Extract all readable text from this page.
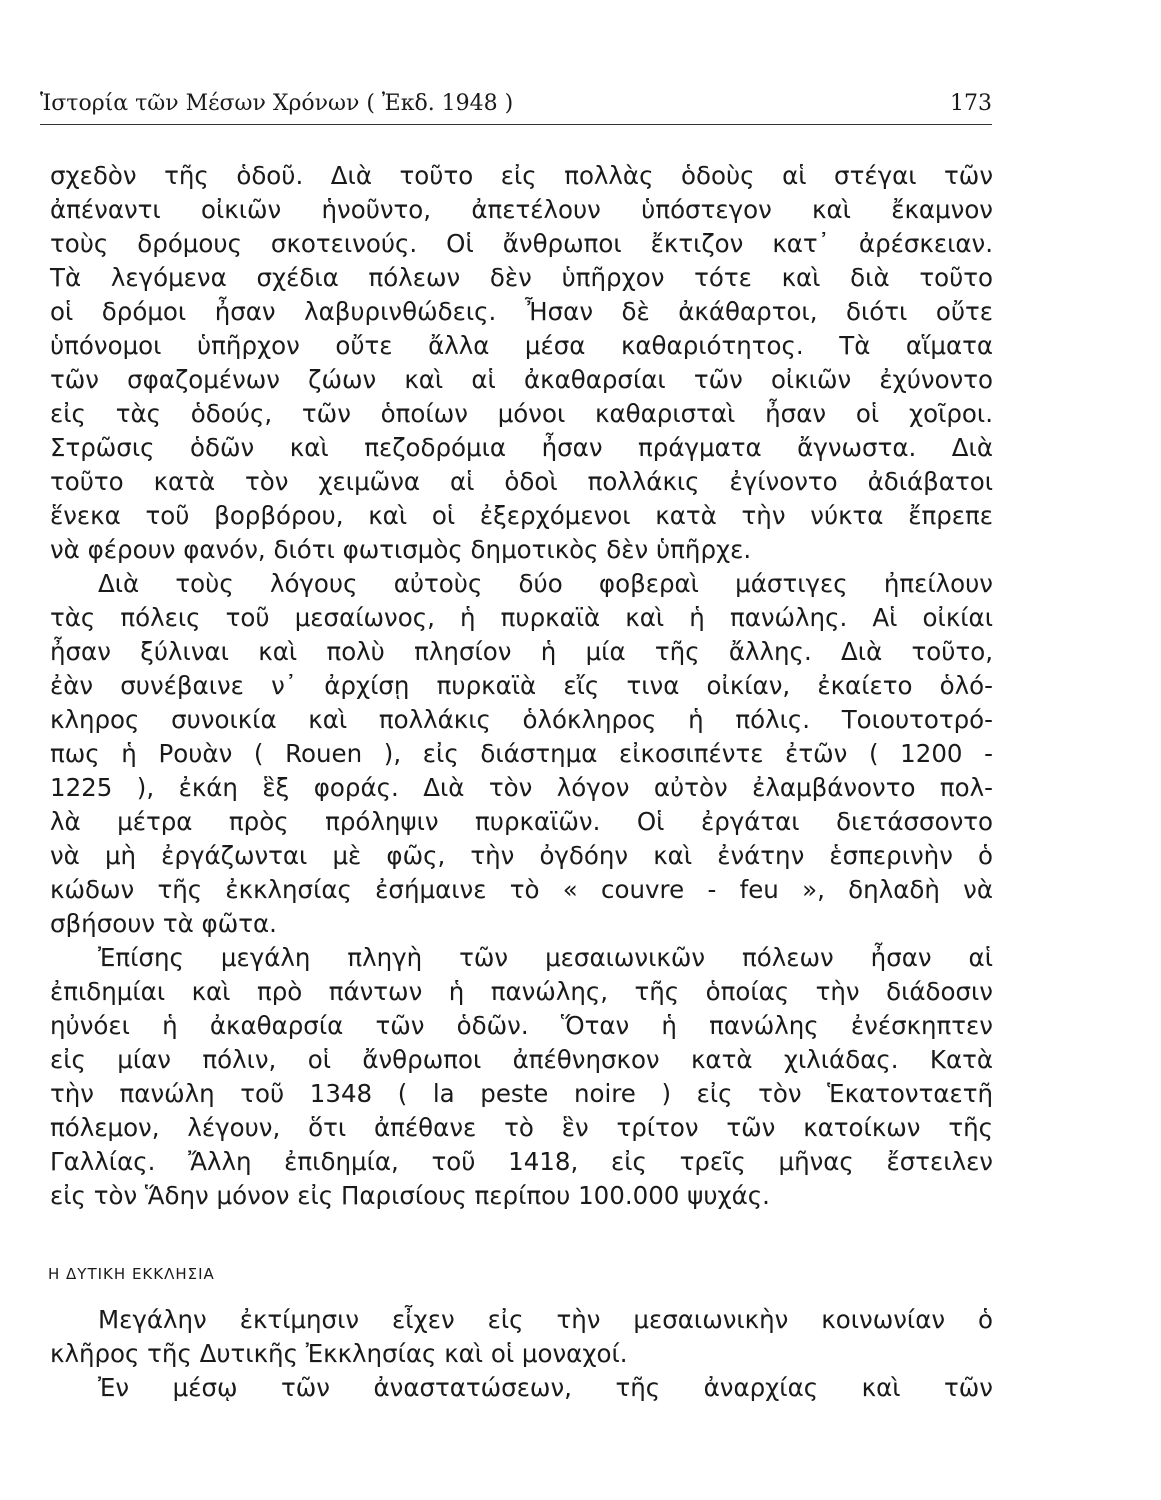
Ἱστορία τῶν Μέσων Χρόνων ( Ἐκδ. 1948 )	173
σχεδὸν τῆς ὁδοῦ. Διὰ τοῦτο εἰς πολλὰς ὁδοὺς αἱ στέγαι τῶν
ἀπέναντι οἰκιῶν ἡνοῦντο, ἀπετέλουν ὑπόστεγον καὶ ἔκαμνον
τοὺς δρόμους σκοτεινούς. Οἱ ἄνθρωποι ἔκτιζον κατ᾽ ἀρέσκειαν.
Τὰ λεγόμενα σχέδια πόλεων δὲν ὑπῆρχον τότε καὶ διὰ τοῦτο
οἱ δρόμοι ἦσαν λαβυρινθώδεις. Ἦσαν δὲ ἀκάθαρτοι, διότι οὔτε
ὑπόνομοι ὑπῆρχον οὔτε ἄλλα μέσα καθαριότητος. Τὰ αἵματα
τῶν σφαζομένων ζώων καὶ αἱ ἀκαθαρσίαι τῶν οἰκιῶν ἐχύνοντο
εἰς τὰς ὁδούς, τῶν ὁποίων μόνοι καθαρισταὶ ἦσαν οἱ χοῖροι.
Στρῶσις ὁδῶν καὶ πεζοδρόμια ἦσαν πράγματα ἄγνωστα. Διὰ
τοῦτο κατὰ τὸν χειμῶνα αἱ ὁδοὶ πολλάκις ἐγίνοντο ἀδιάβατοι
ἕνεκα τοῦ βορβόρου, καὶ οἱ ἐξερχόμενοι κατὰ τὴν νύκτα ἔπρεπε
νὰ φέρουν φανόν, διότι φωτισμὸς δημοτικὸς δὲν ὑπῆρχε.
Διὰ τοὺς λόγους αὐτοὺς δύο φοβεραὶ μάστιγες ἠπείλουν
τὰς πόλεις τοῦ μεσαίωνος, ἡ πυρκαϊὰ καὶ ἡ πανώλης. Αἱ οἰκίαι
ἦσαν ξύλιναι καὶ πολὺ πλησίον ἡ μία τῆς ἄλλης. Διὰ τοῦτο,
ἐὰν συνέβαινε ν᾽ ἀρχίσῃ πυρκαϊὰ εἴς τινα οἰκίαν, ἐκαίετο ὁλό-
κληρος συνοικία καὶ πολλάκις ὁλόκληρος ἡ πόλις. Τοιουτοτρό-
πως ἡ Ρουὰν ( Rouen ), εἰς διάστημα εἰκοσιπέντε ἐτῶν ( 1200 -
1225 ), ἐκάη ἓξ φοράς. Διὰ τὸν λόγον αὐτὸν ἐλαμβάνοντο πολ-
λὰ μέτρα πρὸς πρόληψιν πυρκαϊῶν. Οἱ ἐργάται διετάσσοντο
νὰ μὴ ἐργάζωνται μὲ φῶς, τὴν ὀγδόην καὶ ἐνάτην ἑσπερινὴν ὁ
κώδων τῆς ἐκκλησίας ἐσήμαινε τὸ « couvre - feu », δηλαδὴ νὰ
σβήσουν τὰ φῶτα.
Ἐπίσης μεγάλη πληγὴ τῶν μεσαιωνικῶν πόλεων ἦσαν αἱ
ἐπιδημίαι καὶ πρὸ πάντων ἡ πανώλης, τῆς ὁποίας τὴν διάδοσιν
ηὐνόει ἡ ἀκαθαρσία τῶν ὁδῶν. Ὅταν ἡ πανώλης ἐνέσκηπτεν
εἰς μίαν πόλιν, οἱ ἄνθρωποι ἀπέθνησκον κατὰ χιλιάδας. Κατὰ
τὴν πανώλη τοῦ 1348 ( la peste noire ) εἰς τὸν Ἑκατονταετῆ
πόλεμον, λέγουν, ὅτι ἀπέθανε τὸ ἓν τρίτον τῶν κατοίκων τῆς
Γαλλίας. Ἄλλη ἐπιδημία, τοῦ 1418, εἰς τρεῖς μῆνας ἔστειλεν
εἰς τὸν Ἅδην μόνον εἰς Παρισίους περίπου 100.000 ψυχάς.
Η ΔΥΤΙΚΗ ΕΚΚΛΗΣΙΑ
Μεγάλην ἐκτίμησιν εἶχεν εἰς τὴν μεσαιωνικὴν κοινωνίαν ὁ
κλῆρος τῆς Δυτικῆς Ἐκκλησίας καὶ οἱ μοναχοί.
Ἐν μέσῳ τῶν ἀναστατώσεων, τῆς ἀναρχίας καὶ τῶν
